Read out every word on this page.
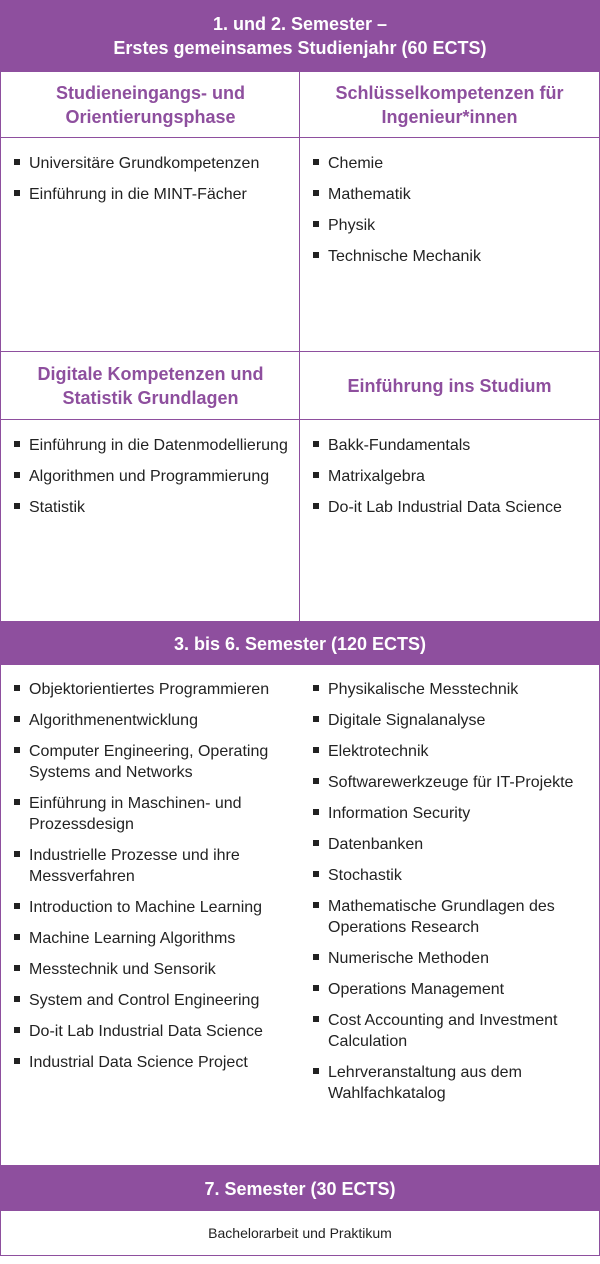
1. und 2. Semester –
Erstes gemeinsames Studienjahr (60 ECTS)
Studieneingangs- und
Orientierungsphase
Schlüsselkompetenzen für
Ingenieur*innen
Universitäre Grundkompetenzen
Einführung in die MINT-Fächer
Chemie
Mathematik
Physik
Technische Mechanik
Digitale Kompetenzen und
Statistik Grundlagen
Einführung ins Studium
Einführung in die Datenmodellierung
Algorithmen und Programmierung
Statistik
Bakk-Fundamentals
Matrixalgebra
Do-it Lab Industrial Data Science
3. bis 6. Semester (120 ECTS)
Objektorientiertes Programmieren
Algorithmenentwicklung
Computer Engineering, Operating Systems and Networks
Einführung in Maschinen- und Prozessdesign
Industrielle Prozesse und ihre Messverfahren
Introduction to Machine Learning
Machine Learning Algorithms
Messtechnik und Sensorik
System and Control Engineering
Do-it Lab Industrial Data Science
Industrial Data Science Project
Physikalische Messtechnik
Digitale Signalanalyse
Elektrotechnik
Softwarewerkzeuge für IT-Projekte
Information Security
Datenbanken
Stochastik
Mathematische Grundlagen des Operations Research
Numerische Methoden
Operations Management
Cost Accounting and Investment Calculation
Lehrveranstaltung aus dem Wahlfachkatalog
7. Semester (30 ECTS)
Bachelorarbeit und Praktikum
